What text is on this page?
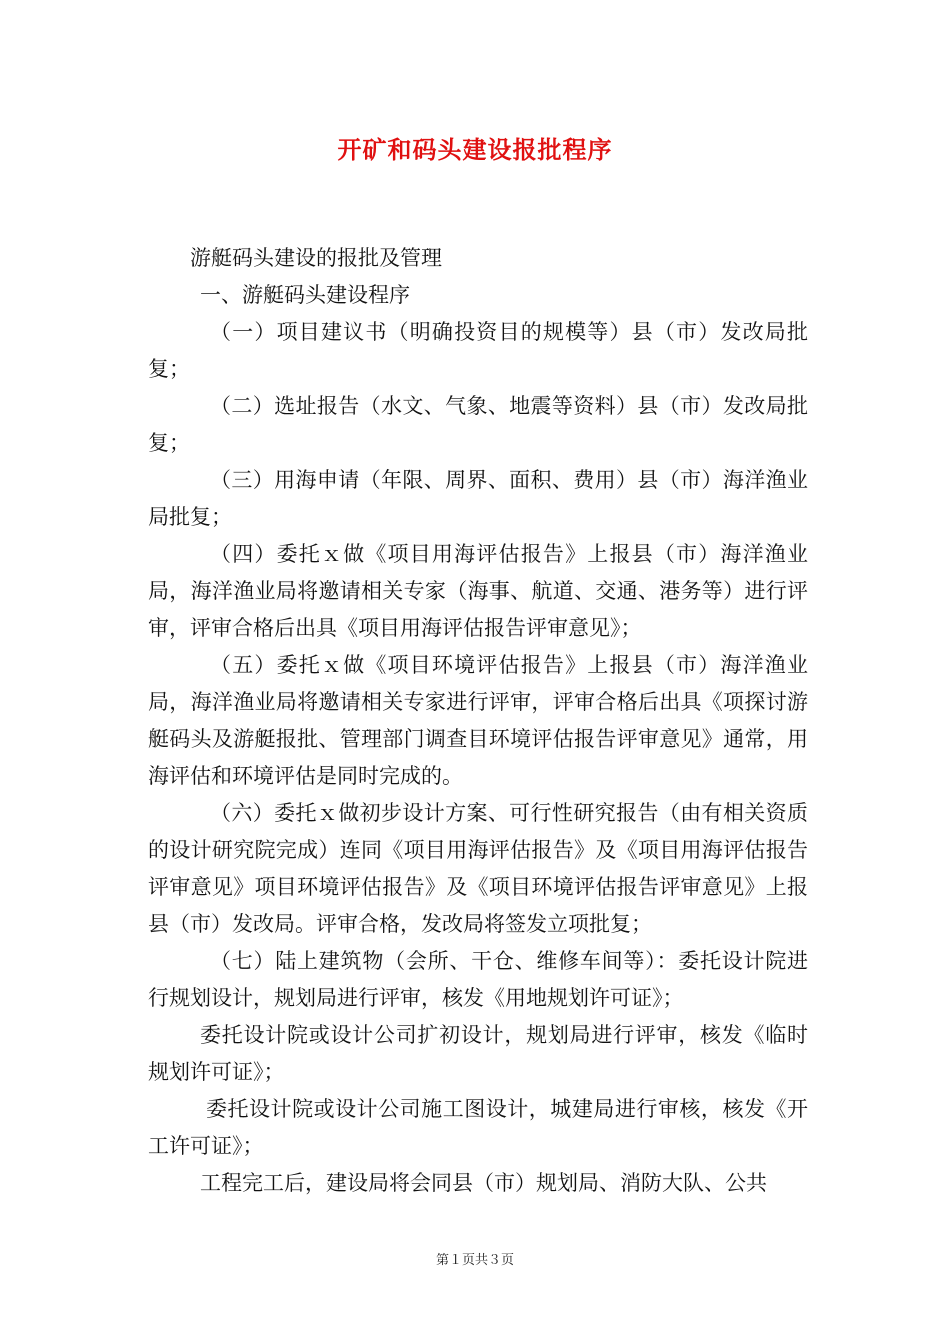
开矿和码头建设报批程序

游艇码头建设的报批及管理

一、游艇码头建设程序

（一）项目建议书（明确投资目的规模等）县（市）发改局批复；

（二）选址报告（水文、气象、地震等资料）县（市）发改局批复；

（三）用海申请（年限、周界、面积、费用）县（市）海洋渔业局批复；

（四）委托ｘ做《项目用海评估报告》上报县（市）海洋渔业局，海洋渔业局将邀请相关专家（海事、航道、交通、港务等）进行评审，评审合格后出具《项目用海评估报告评审意见》；

（五）委托ｘ做《项目环境评估报告》上报县（市）海洋渔业局，海洋渔业局将邀请相关专家进行评审，评审合格后出具《项探讨游艇码头及游艇报批、管理部门调查目环境评估报告评审意见》通常，用海评估和环境评估是同时完成的。

（六）委托ｘ做初步设计方案、可行性研究报告（由有相关资质的设计研究院完成）连同《项目用海评估报告》及《项目用海评估报告评审意见》项目环境评估报告》及《项目环境评估报告评审意见》上报县（市）发改局。评审合格，发改局将签发立项批复；

（七）陆上建筑物（会所、干仓、维修车间等）：委托设计院进行规划设计，规划局进行评审，核发《用地规划许可证》；

委托设计院或设计公司扩初设计，规划局进行评审，核发《临时规划许可证》；

委托设计院或设计公司施工图设计，城建局进行审核，核发《开工许可证》；

工程完工后，建设局将会同县（市）规划局、消防大队、公共

第１页共３页
